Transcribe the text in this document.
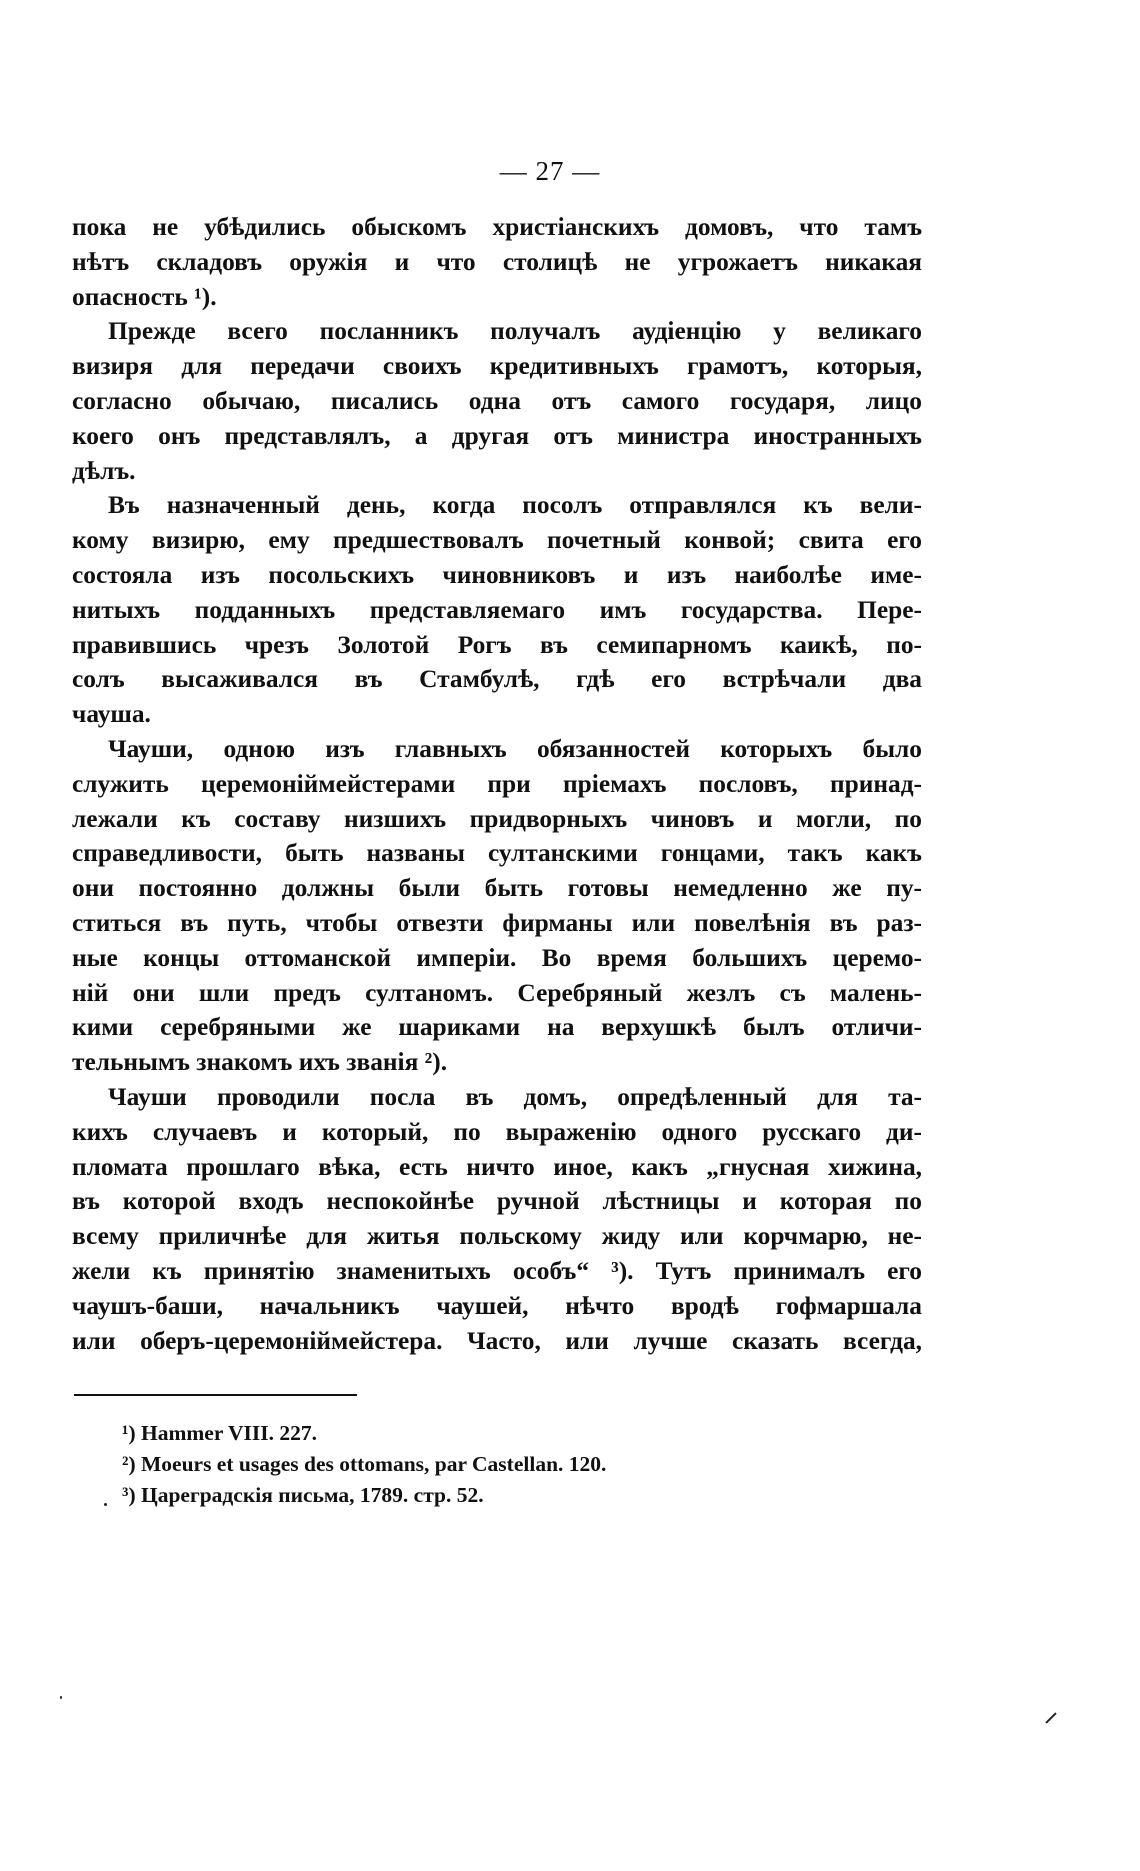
— 27 —
пока не убѣдились обыскомъ христіанскихъ домовъ, что тамъ
нѣтъ складовъ оружія и что столицѣ не угрожаетъ никакая
опасность ¹).
Прежде всего посланникъ получалъ аудіенцію у великаго
визиря для передачи своихъ кредитивныхъ грамотъ, которыя,
согласно обычаю, писались одна отъ самого государя, лицо
коего онъ представлялъ, а другая отъ министра иностранныхъ
дѣлъ.
Въ назначенный день, когда посолъ отправлялся къ вели-
кому визирю, ему предшествовалъ почетный конвой; свита его
состояла изъ посольскихъ чиновниковъ и изъ наиболѣе име-
нитыхъ подданныхъ представляемаго имъ государства. Пере-
правившись чрезъ Золотой Рогъ въ семипарномъ каикѣ, по-
солъ высаживался въ Стамбулѣ, гдѣ его встрѣчали два
чауша.
Чауши, одною изъ главныхъ обязанностей которыхъ было
служить церемоніймейстерами при пріемахъ пословъ, принад-
лежали къ составу низшихъ придворныхъ чиновъ и могли, по
справедливости, быть названы султанскими гонцами, такъ какъ
они постоянно должны были быть готовы немедленно же пу-
ститься въ путь, чтобы отвезти фирманы или повелѣнія въ раз-
ные концы оттоманской имперіи. Во время большихъ церемо-
ній они шли предъ султаномъ. Серебряный жезлъ съ малень-
кими серебряными же шариками на верхушкѣ былъ отличи-
тельнымъ знакомъ ихъ званія ²).
Чауши проводили посла въ домъ, опредѣленный для та-
кихъ случаевъ и который, по выраженію одного русскаго ди-
пломата прошлаго вѣка, есть ничто иное, какъ „гнусная хижина,
въ которой входъ неспокойнѣе ручной лѣстницы и которая по
всему приличнѣе для житья польскому жиду или корчмарю, не-
жели къ принятію знаменитыхъ особъ“ ³). Тутъ принималъ его
чаушъ-баши, начальникъ чаушей, нѣчто вродѣ гофмаршала
или оберъ-церемоніймейстера. Часто, или лучше сказать всегда,
¹) Hammer VIII. 227.
²) Moeurs et usages des ottomans, par Castellan. 120.
³) Цареградскія письма, 1789. стр. 52.
